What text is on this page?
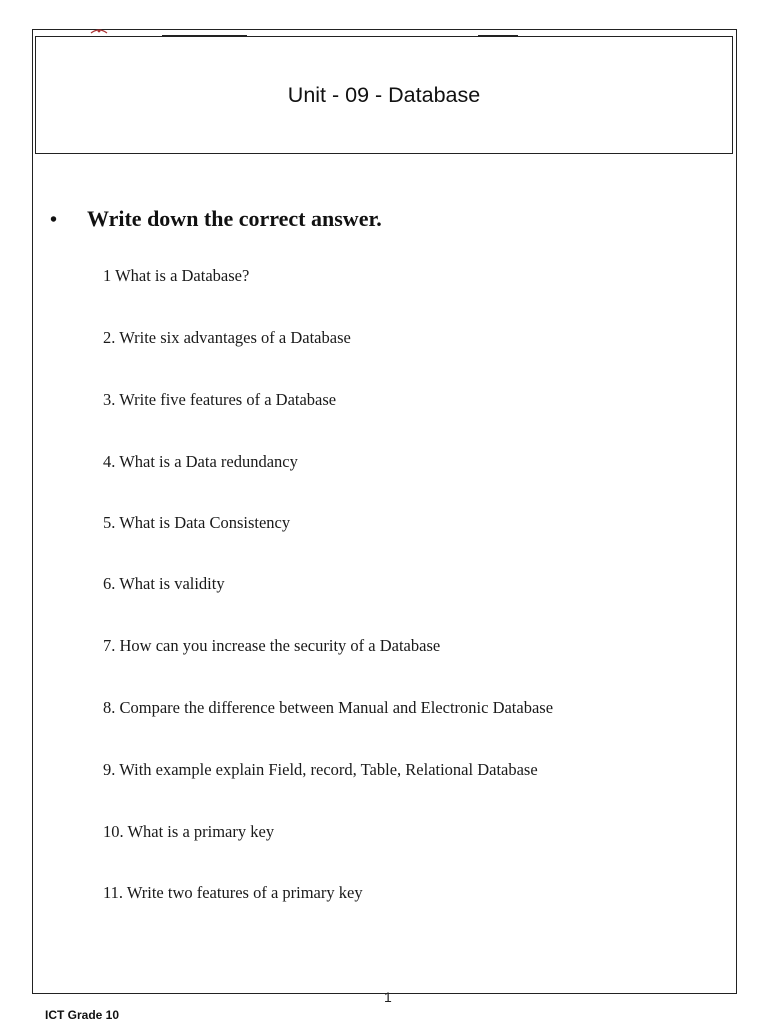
Unit - 09 - Database
• Write down the correct answer.
1 What is a Database?
2. Write six advantages of a Database
3. Write five features of a Database
4. What is a Data redundancy
5. What is Data Consistency
6. What is validity
7. How can you increase the security of a Database
8. Compare the difference between Manual and Electronic Database
9. With example explain Field, record, Table, Relational Database
10. What is a primary key
11. Write two features of a primary key
1
ICT Grade 10
